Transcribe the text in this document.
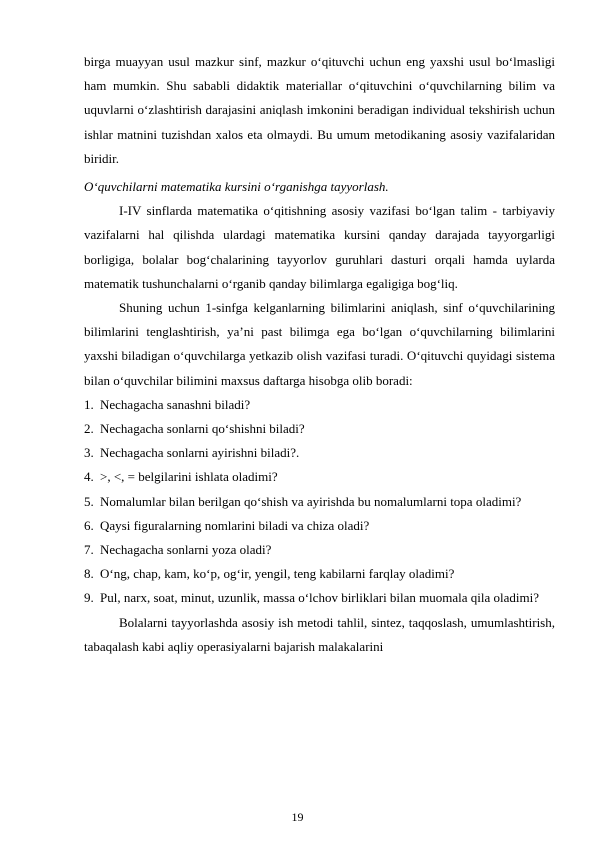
birga muayyan usul mazkur sinf, mazkur o‘qituvchi uchun eng yaxshi usul bo‘lmasligi ham mumkin. Shu sababli didaktik materiallar o‘qituvchini o‘quvchilarning bilim va uquvlarni o‘zlashtirish darajasini aniqlash imkonini beradigan individual tekshirish uchun ishlar matnini tuzishdan xalos eta olmaydi. Bu umum metodikaning asosiy vazifalaridan biridir.

O‘quvchilarni matematika kursini o‘rganishga tayyorlash.

I-IV sinflarda matematika o‘qitishning asosiy vazifasi bo‘lgan talim - tarbiyaviy vazifalarni hal qilishda ulardagi matematika kursini qanday darajada tayyorgarligi borligiga, bolalar bog‘chalarining tayyorlov guruhlari dasturi orqali hamda uylarda matematik tushunchalarni o‘rganib qanday bilimlarga egaligiga bog‘liq.

Shuning uchun 1-sinfga kelganlarning bilimlarini aniqlash, sinf o‘quvchilarining bilimlarini tenglashtirish, ya’ni past bilimga ega bo‘lgan o‘quvchilarning bilimlarini yaxshi biladigan o‘quvchilarga yetkazib olish vazifasi turadi. O‘qituvchi quyidagi sistema bilan o‘quvchilar bilimini maxsus daftarga hisobga olib boradi:

1. Nechagacha sanashni biladi?
2. Nechagacha sonlarni qo‘shishni biladi?
3. Nechagacha sonlarni ayirishni biladi?.
4. >, <, = belgilarini ishlata oladimi?
5. Nomalumlar bilan berilgan qo‘shish va ayirishda bu nomalumlarni topa oladimi?
6. Qaysi figuralarning nomlarini biladi va chiza oladi?
7. Nechagacha sonlarni yoza oladi?
8. O‘ng, chap, kam, ko‘p, og‘ir, yengil, teng kabilarni farqlay oladimi?
9. Pul, narx, soat, minut, uzunlik, massa o‘lchov birliklari bilan muomala qila oladimi?

Bolalarni tayyorlashda asosiy ish metodi tahlil, sintez, taqqoslash, umumlashtirish, tabaqalash kabi aqliy operasiyalarni bajarish malakalarini

19
